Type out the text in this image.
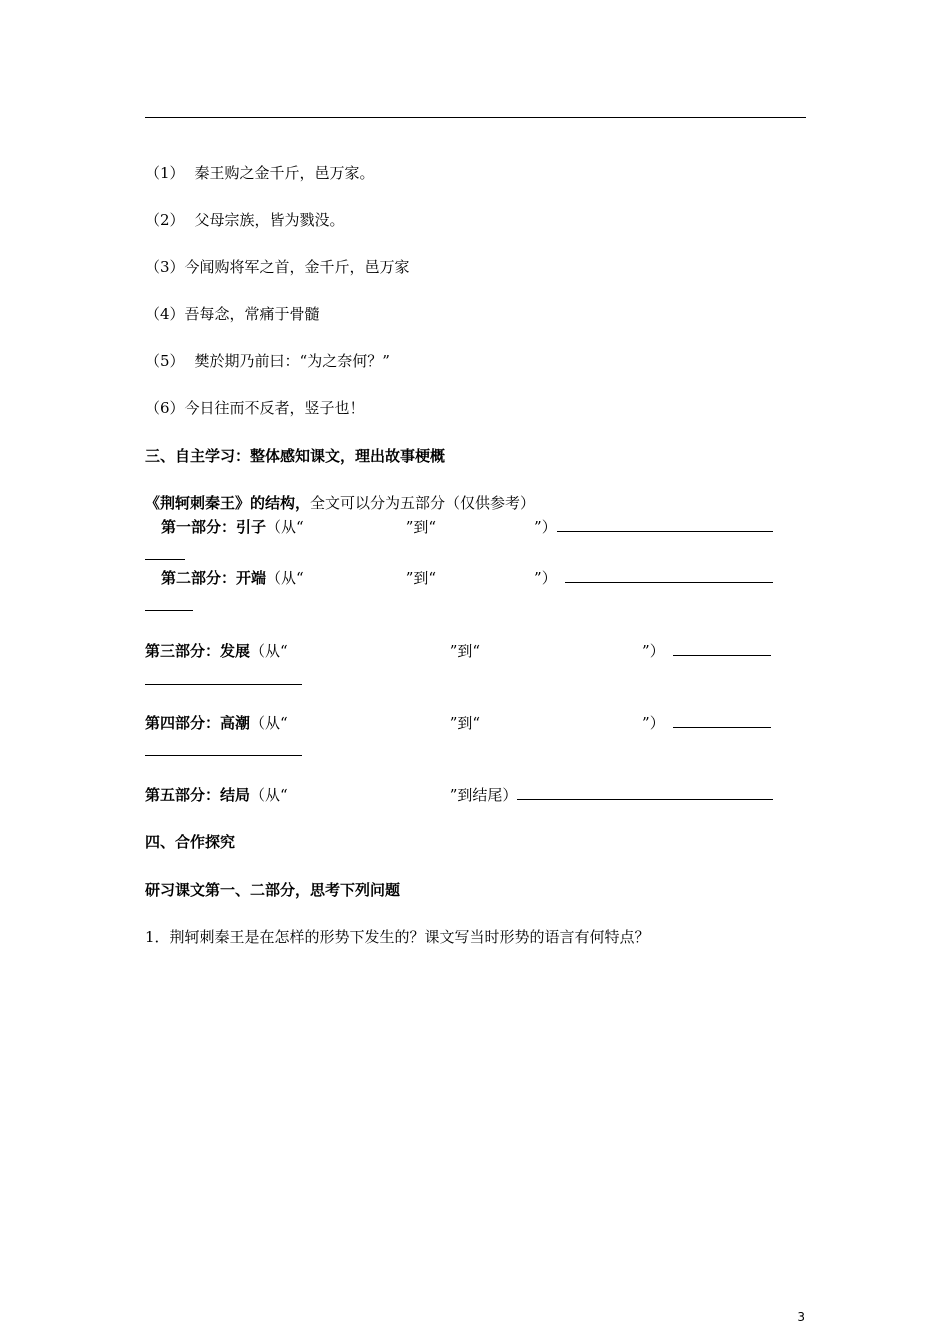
（1） 秦王购之金千斤，邑万家。
（2） 父母宗族，皆为戮没。
（3）今闻购将军之首，金千斤，邑万家
（4）吾每念，常痛于骨髓
（5） 樊於期乃前曰：“为之奈何？”
（6）今日往而不反者，竖子也！
三、自主学习：整体感知课文，理出故事梗概
《荆轲刺秦王》的结构，全文可以分为五部分（仅供参考）
第一部分：引子（从“	”到“	”）
第二部分：开端（从“	”到“	”）
第三部分：发展（从“	”到“	”）
第四部分：高潮（从“	”到“	”）
第五部分：结局（从“	”到结尾）
四、合作探究
研习课文第一、二部分，思考下列问题
1．荆轲刺秦王是在怎样的形势下发生的？课文写当时形势的语言有何特点？
3
